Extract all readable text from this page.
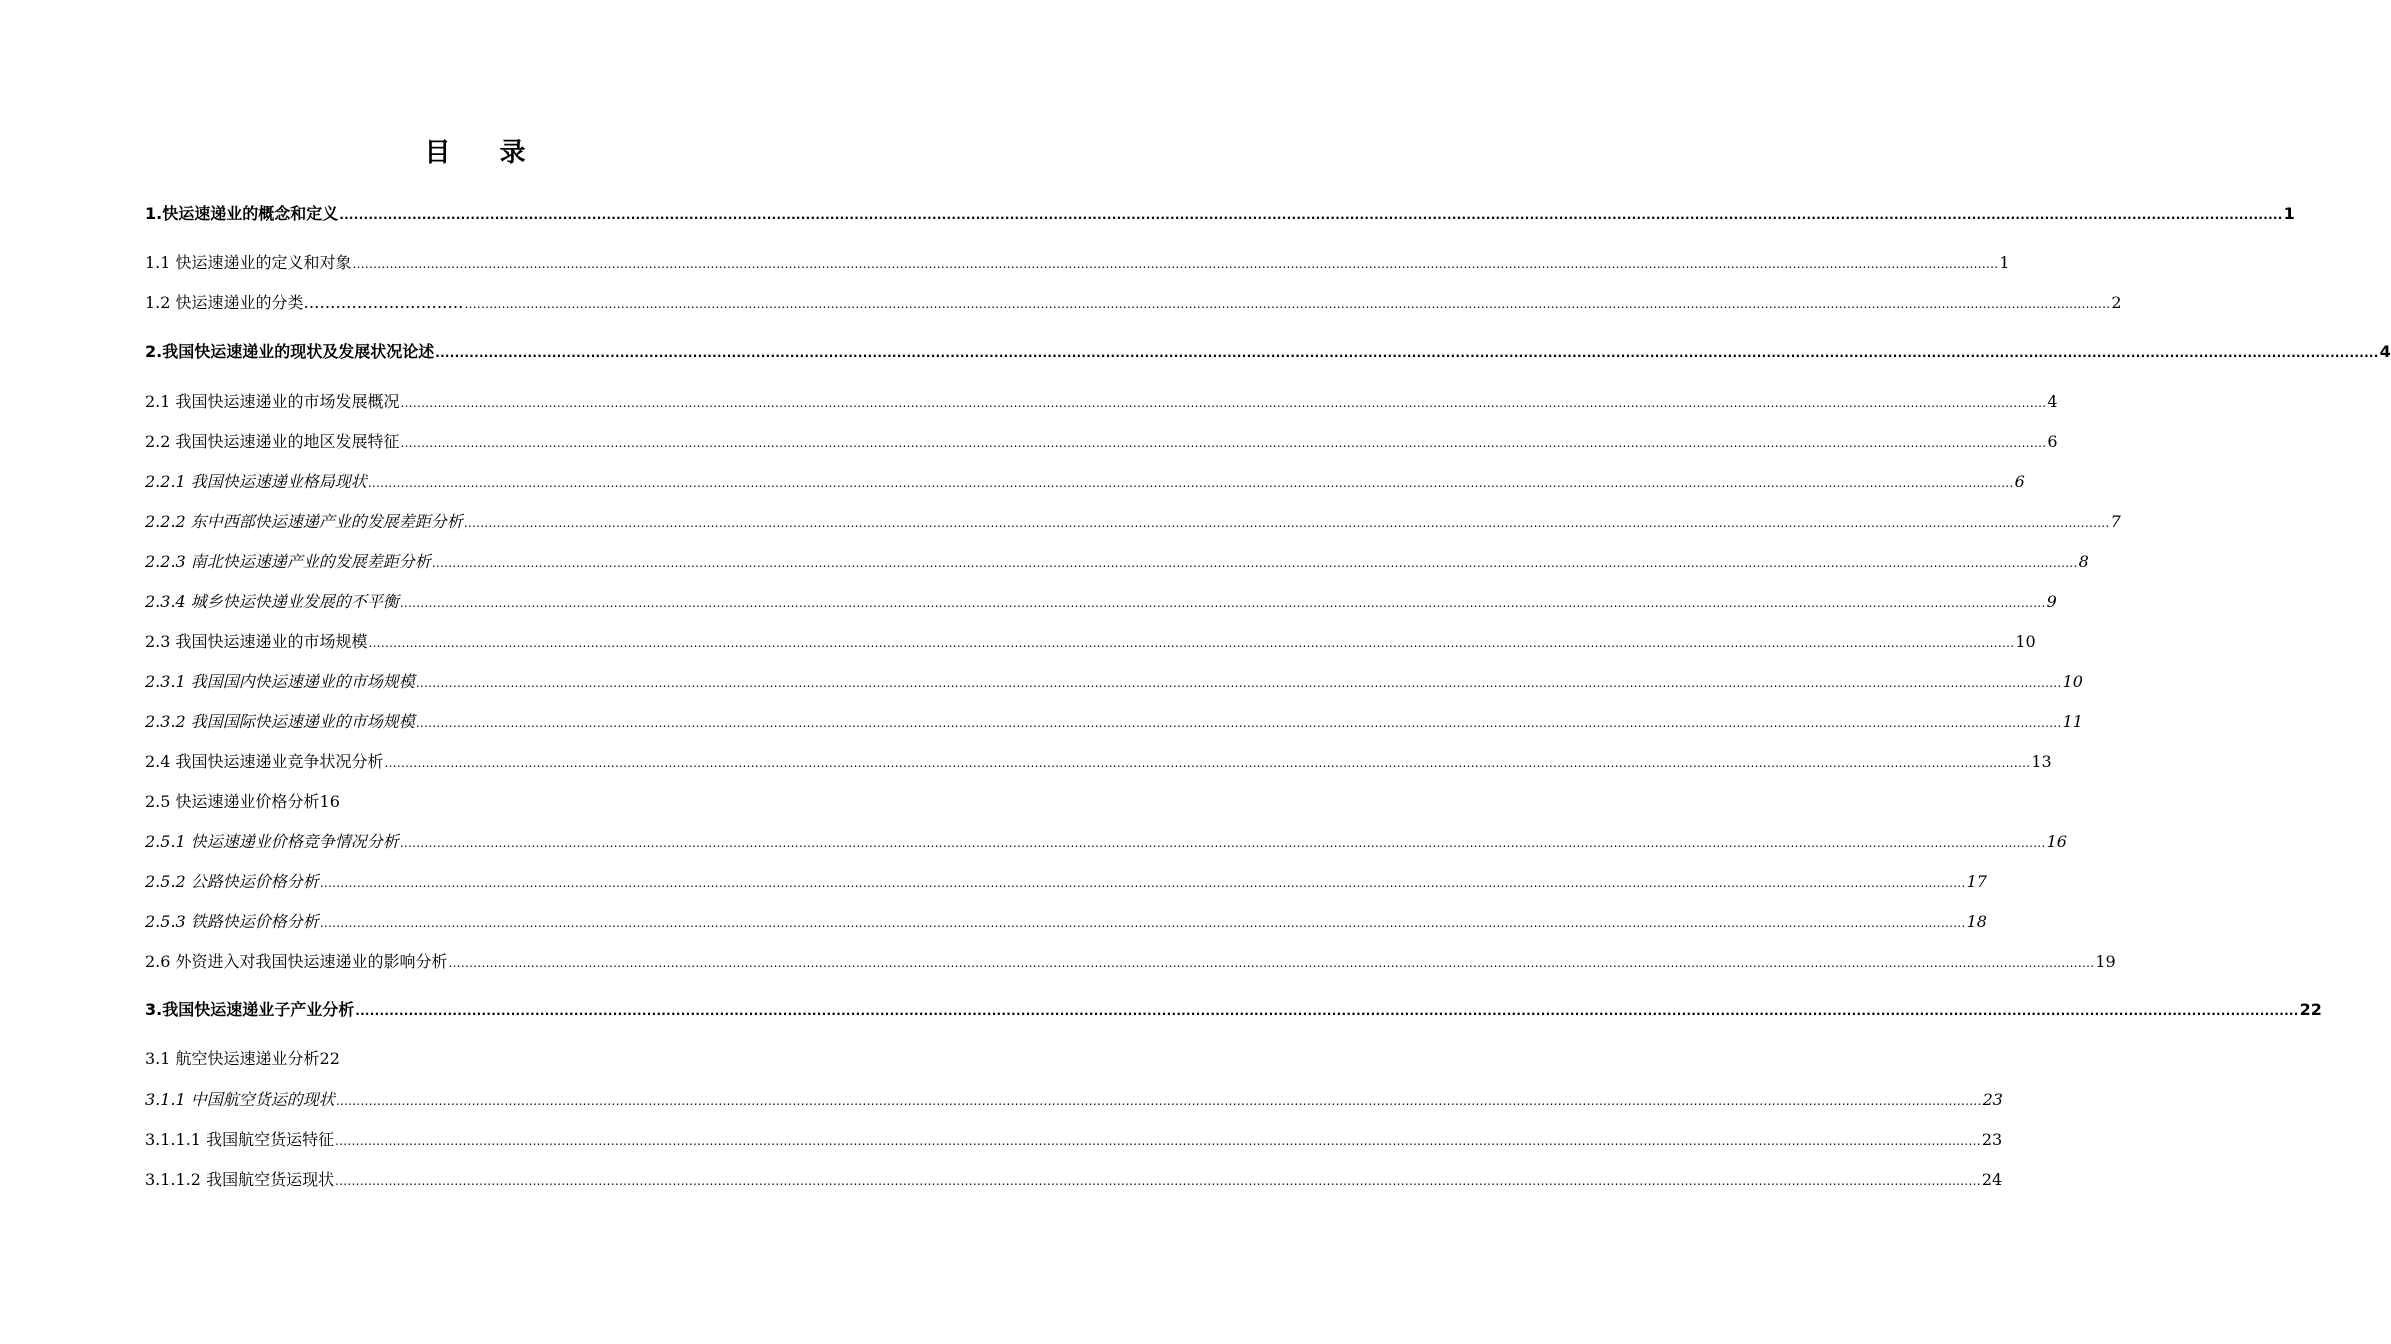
目 录
1.快运速递业的概念和定义 ................................................................................................................................................................................................................................................................................................................................................................................................................ 1
1.1 快运速递业的定义和对象 ................................................................................................................................................................................................................................................................................................................................................................................................................ 1
1.2 快运速递业的分类………………………… ................................................................................................................................................................................................................................................................................................................................................................................................................ 2
2.我国快运速递业的现状及发展状况论述 ................................................................................................................................................................................................................................................................................................................................................................................................................ 4
2.1 我国快运速递业的市场发展概况 ................................................................................................................................................................................................................................................................................................................................................................................................................ 4
2.2 我国快运速递业的地区发展特征 ................................................................................................................................................................................................................................................................................................................................................................................................................ 6
2.2.1 我国快运速递业格局现状 ................................................................................................................................................................................................................................................................................................................................................................................................................ 6
2.2.2 东中西部快运速递产业的发展差距分析 ................................................................................................................................................................................................................................................................................................................................................................................................................ 7
2.2.3 南北快运速递产业的发展差距分析 ................................................................................................................................................................................................................................................................................................................................................................................................................ 8
2.3.4 城乡快运快递业发展的不平衡 ................................................................................................................................................................................................................................................................................................................................................................................................................ 9
2.3 我国快运速递业的市场规模 ................................................................................................................................................................................................................................................................................................................................................................................................................ 10
2.3.1 我国国内快运速递业的市场规模 ................................................................................................................................................................................................................................................................................................................................................................................................................ 10
2.3.2 我国国际快运速递业的市场规模 ................................................................................................................................................................................................................................................................................................................................................................................................................ 11
2.4 我国快运速递业竞争状况分析 ................................................................................................................................................................................................................................................................................................................................................................................................................ 13
2.5 快运速递业价格分析16
2.5.1 快运速递业价格竞争情况分析 ................................................................................................................................................................................................................................................................................................................................................................................................................ 16
2.5.2 公路快运价格分析 ................................................................................................................................................................................................................................................................................................................................................................................................................ 17
2.5.3 铁路快运价格分析 ................................................................................................................................................................................................................................................................................................................................................................................................................ 18
2.6 外资进入对我国快运速递业的影响分析 ................................................................................................................................................................................................................................................................................................................................................................................................................ 19
3.我国快运速递业子产业分析 ................................................................................................................................................................................................................................................................................................................................................................................................................ 22
3.1 航空快运速递业分析22
3.1.1 中国航空货运的现状 ................................................................................................................................................................................................................................................................................................................................................................................................................ 23
3.1.1.1 我国航空货运特征 ................................................................................................................................................................................................................................................................................................................................................................................................................ 23
3.1.1.2 我国航空货运现状 ................................................................................................................................................................................................................................................................................................................................................................................................................ 24
